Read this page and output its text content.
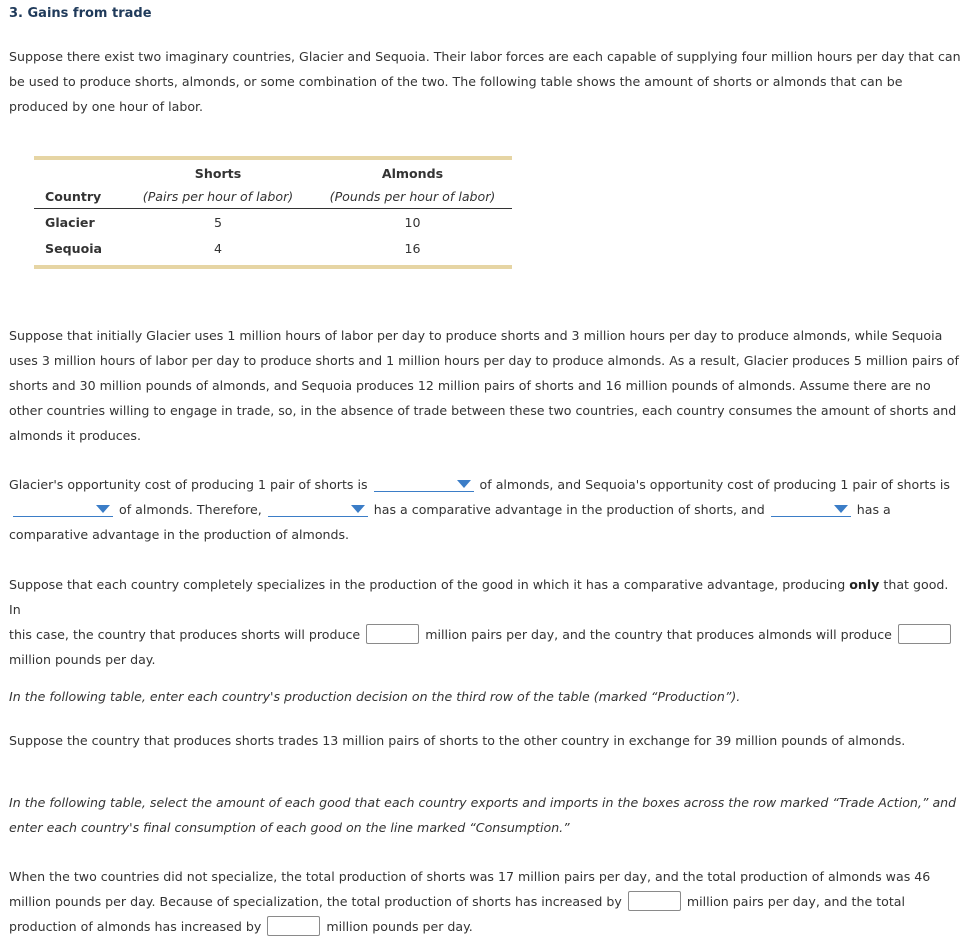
3. Gains from trade
Suppose there exist two imaginary countries, Glacier and Sequoia. Their labor forces are each capable of supplying four million hours per day that can
be used to produce shorts, almonds, or some combination of the two. The following table shows the amount of shorts or almonds that can be
produced by one hour of labor.
	Shorts	Almonds
Country	(Pairs per hour of labor)	(Pounds per hour of labor)
Glacier	5	10
Sequoia	4	16
Suppose that initially Glacier uses 1 million hours of labor per day to produce shorts and 3 million hours per day to produce almonds, while Sequoia
uses 3 million hours of labor per day to produce shorts and 1 million hours per day to produce almonds. As a result, Glacier produces 5 million pairs of
shorts and 30 million pounds of almonds, and Sequoia produces 12 million pairs of shorts and 16 million pounds of almonds. Assume there are no
other countries willing to engage in trade, so, in the absence of trade between these two countries, each country consumes the amount of shorts and
almonds it produces.
Glacier's opportunity cost of producing 1 pair of shorts is	of almonds, and Sequoia's opportunity cost of producing 1 pair of shorts is
of almonds. Therefore,	has a comparative advantage in the production of shorts, and	has a
comparative advantage in the production of almonds.
Suppose that each country completely specializes in the production of the good in which it has a comparative advantage, producing only that good. In
this case, the country that produces shorts will produce	million pairs per day, and the country that produces almonds will produce
million pounds per day.
In the following table, enter each country's production decision on the third row of the table (marked “Production”).
Suppose the country that produces shorts trades 13 million pairs of shorts to the other country in exchange for 39 million pounds of almonds.
In the following table, select the amount of each good that each country exports and imports in the boxes across the row marked “Trade Action,” and
enter each country's final consumption of each good on the line marked “Consumption.”
When the two countries did not specialize, the total production of shorts was 17 million pairs per day, and the total production of almonds was 46
million pounds per day. Because of specialization, the total production of shorts has increased by	million pairs per day, and the total
production of almonds has increased by	million pounds per day.
